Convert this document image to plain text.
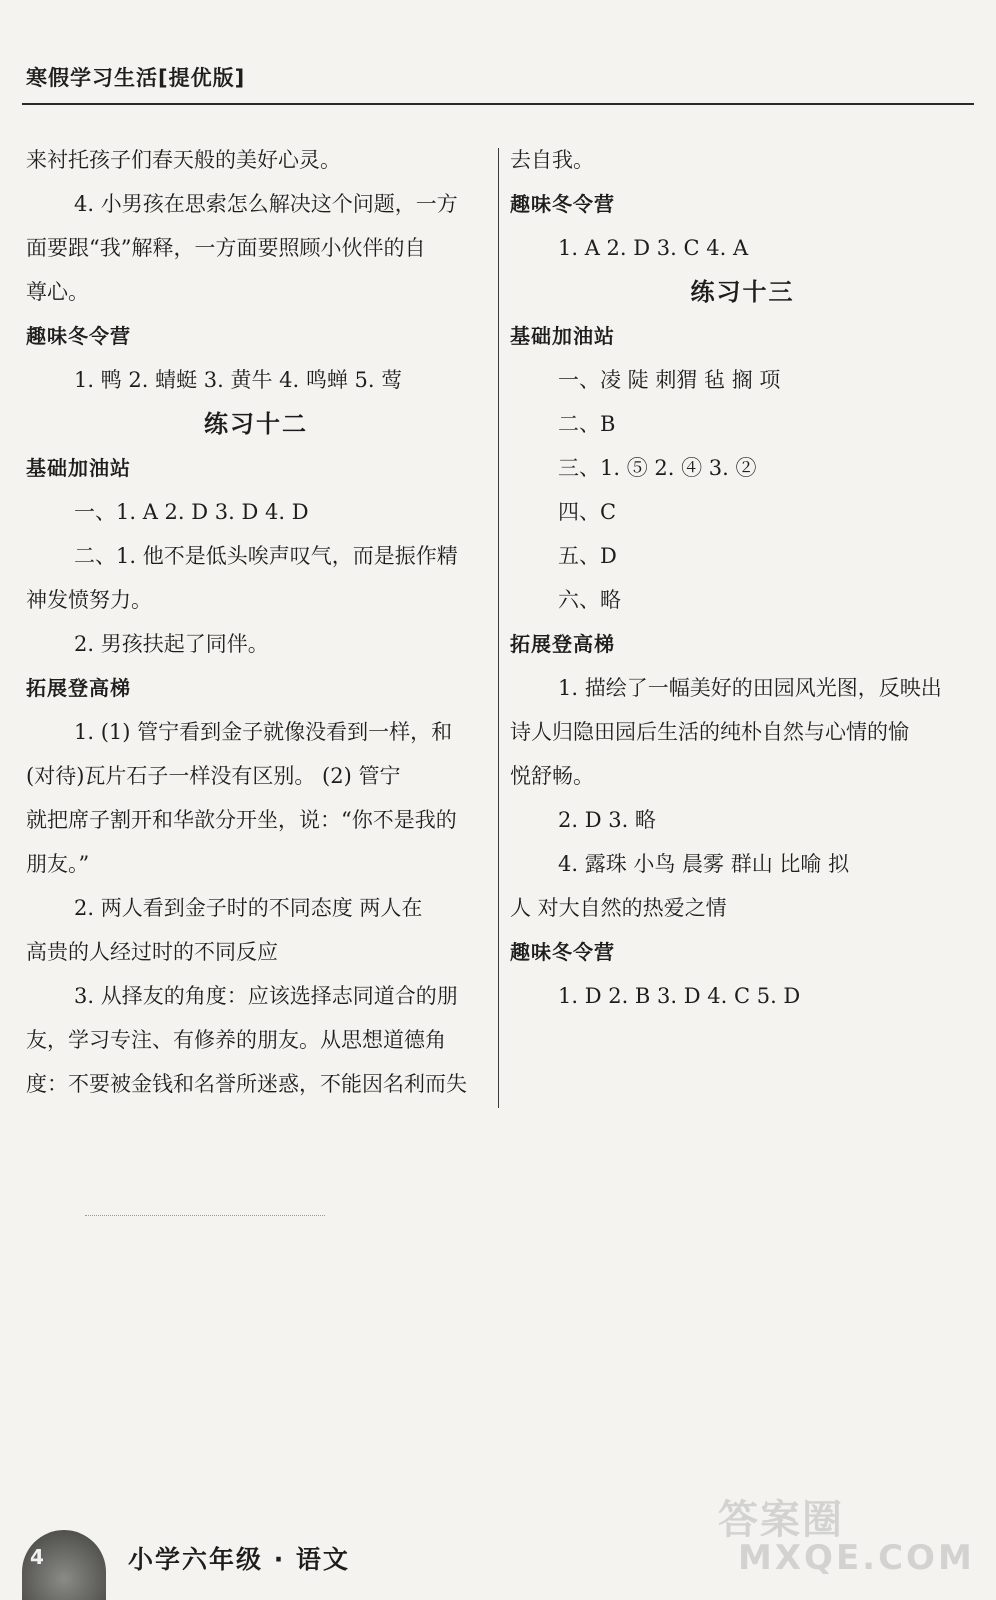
寒假学习生活[提优版]
来衬托孩子们春天般的美好心灵。
4. 小男孩在思索怎么解决这个问题，一方
面要跟“我”解释，一方面要照顾小伙伴的自
尊心。
趣味冬令营
1. 鸭 2. 蜻蜓 3. 黄牛 4. 鸣蝉 5. 莺
练习十二
基础加油站
一、1. A 2. D 3. D 4. D
二、1. 他不是低头唉声叹气，而是振作精
神发愤努力。
2. 男孩扶起了同伴。
拓展登高梯
1. (1) 管宁看到金子就像没看到一样，和
(对待)瓦片石子一样没有区别。 (2) 管宁
就把席子割开和华歆分开坐，说：“你不是我的
朋友。”
2. 两人看到金子时的不同态度 两人在
高贵的人经过时的不同反应
3. 从择友的角度：应该选择志同道合的朋
友，学习专注、有修养的朋友。从思想道德角
度：不要被金钱和名誉所迷惑，不能因名利而失
去自我。
趣味冬令营
1. A 2. D 3. C 4. A
练习十三
基础加油站
一、凌 陡 刺猬 毡 搁 项
二、B
三、1. ⑤ 2. ④ 3. ②
四、C
五、D
六、略
拓展登高梯
1. 描绘了一幅美好的田园风光图，反映出
诗人归隐田园后生活的纯朴自然与心情的愉
悦舒畅。
2. D 3. 略
4. 露珠 小鸟 晨雾 群山 比喻 拟
人 对大自然的热爱之情
趣味冬令营
1. D 2. B 3. D 4. C 5. D
4	小学六年级 · 语文
答案圈
MXQE.COM
